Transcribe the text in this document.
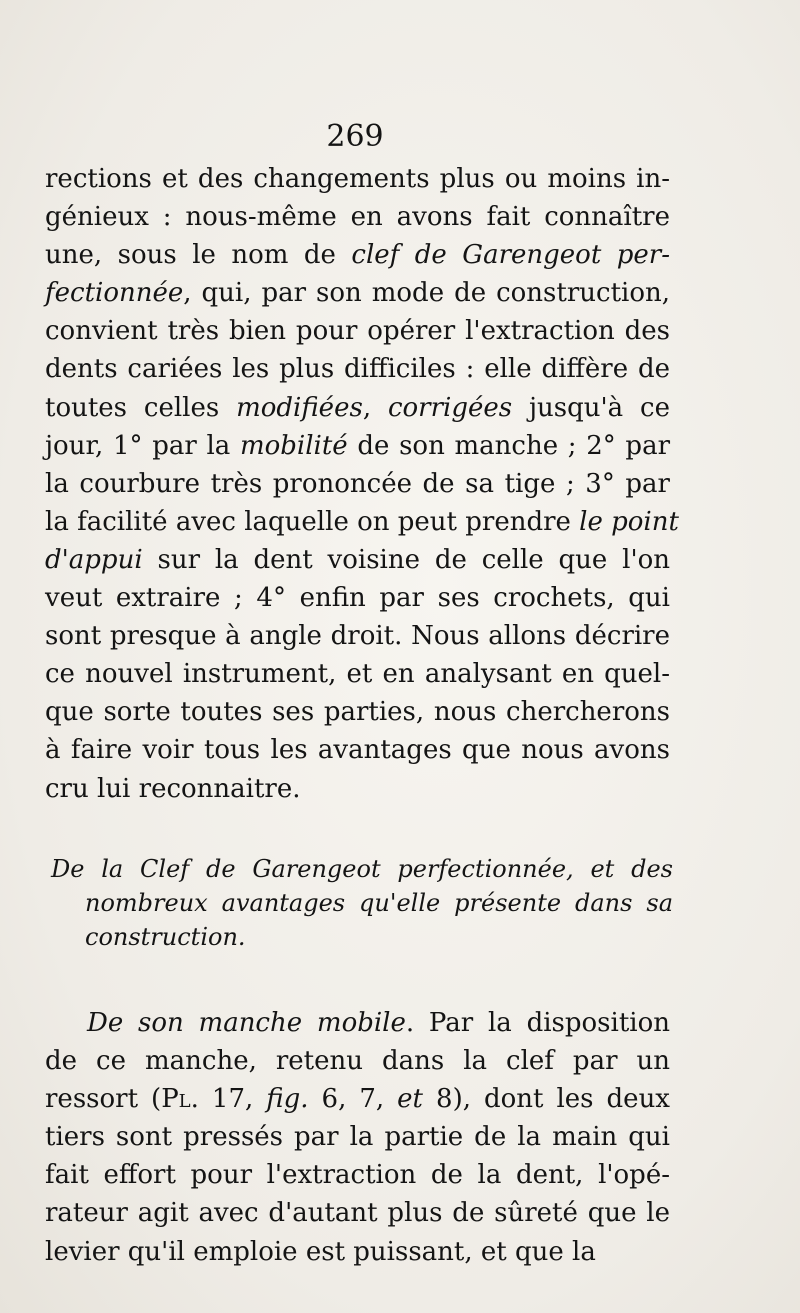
269
rections et des changements plus ou moins in-
génieux : nous-même en avons fait connaître
une, sous le nom de clef de Garengeot per-
fectionnée, qui, par son mode de construction,
convient très bien pour opérer l'extraction des
dents cariées les plus difficiles : elle diffère de
toutes celles modifiées, corrigées jusqu'à ce
jour, 1° par la mobilité de son manche ; 2° par
la courbure très prononcée de sa tige ; 3° par
la facilité avec laquelle on peut prendre le point
d'appui sur la dent voisine de celle que l'on
veut extraire ; 4° enfin par ses crochets, qui
sont presque à angle droit. Nous allons décrire
ce nouvel instrument, et en analysant en quel-
que sorte toutes ses parties, nous chercherons
à faire voir tous les avantages que nous avons
cru lui reconnaitre.
De la Clef de Garengeot perfectionnée, et des
nombreux avantages qu'elle présente dans sa
construction.
De son manche mobile. Par la disposition
de ce manche, retenu dans la clef par un
ressort (Pl. 17, fig. 6, 7, et 8), dont les deux
tiers sont pressés par la partie de la main qui
fait effort pour l'extraction de la dent, l'opé-
rateur agit avec d'autant plus de sûreté que le
levier qu'il emploie est puissant, et que la
